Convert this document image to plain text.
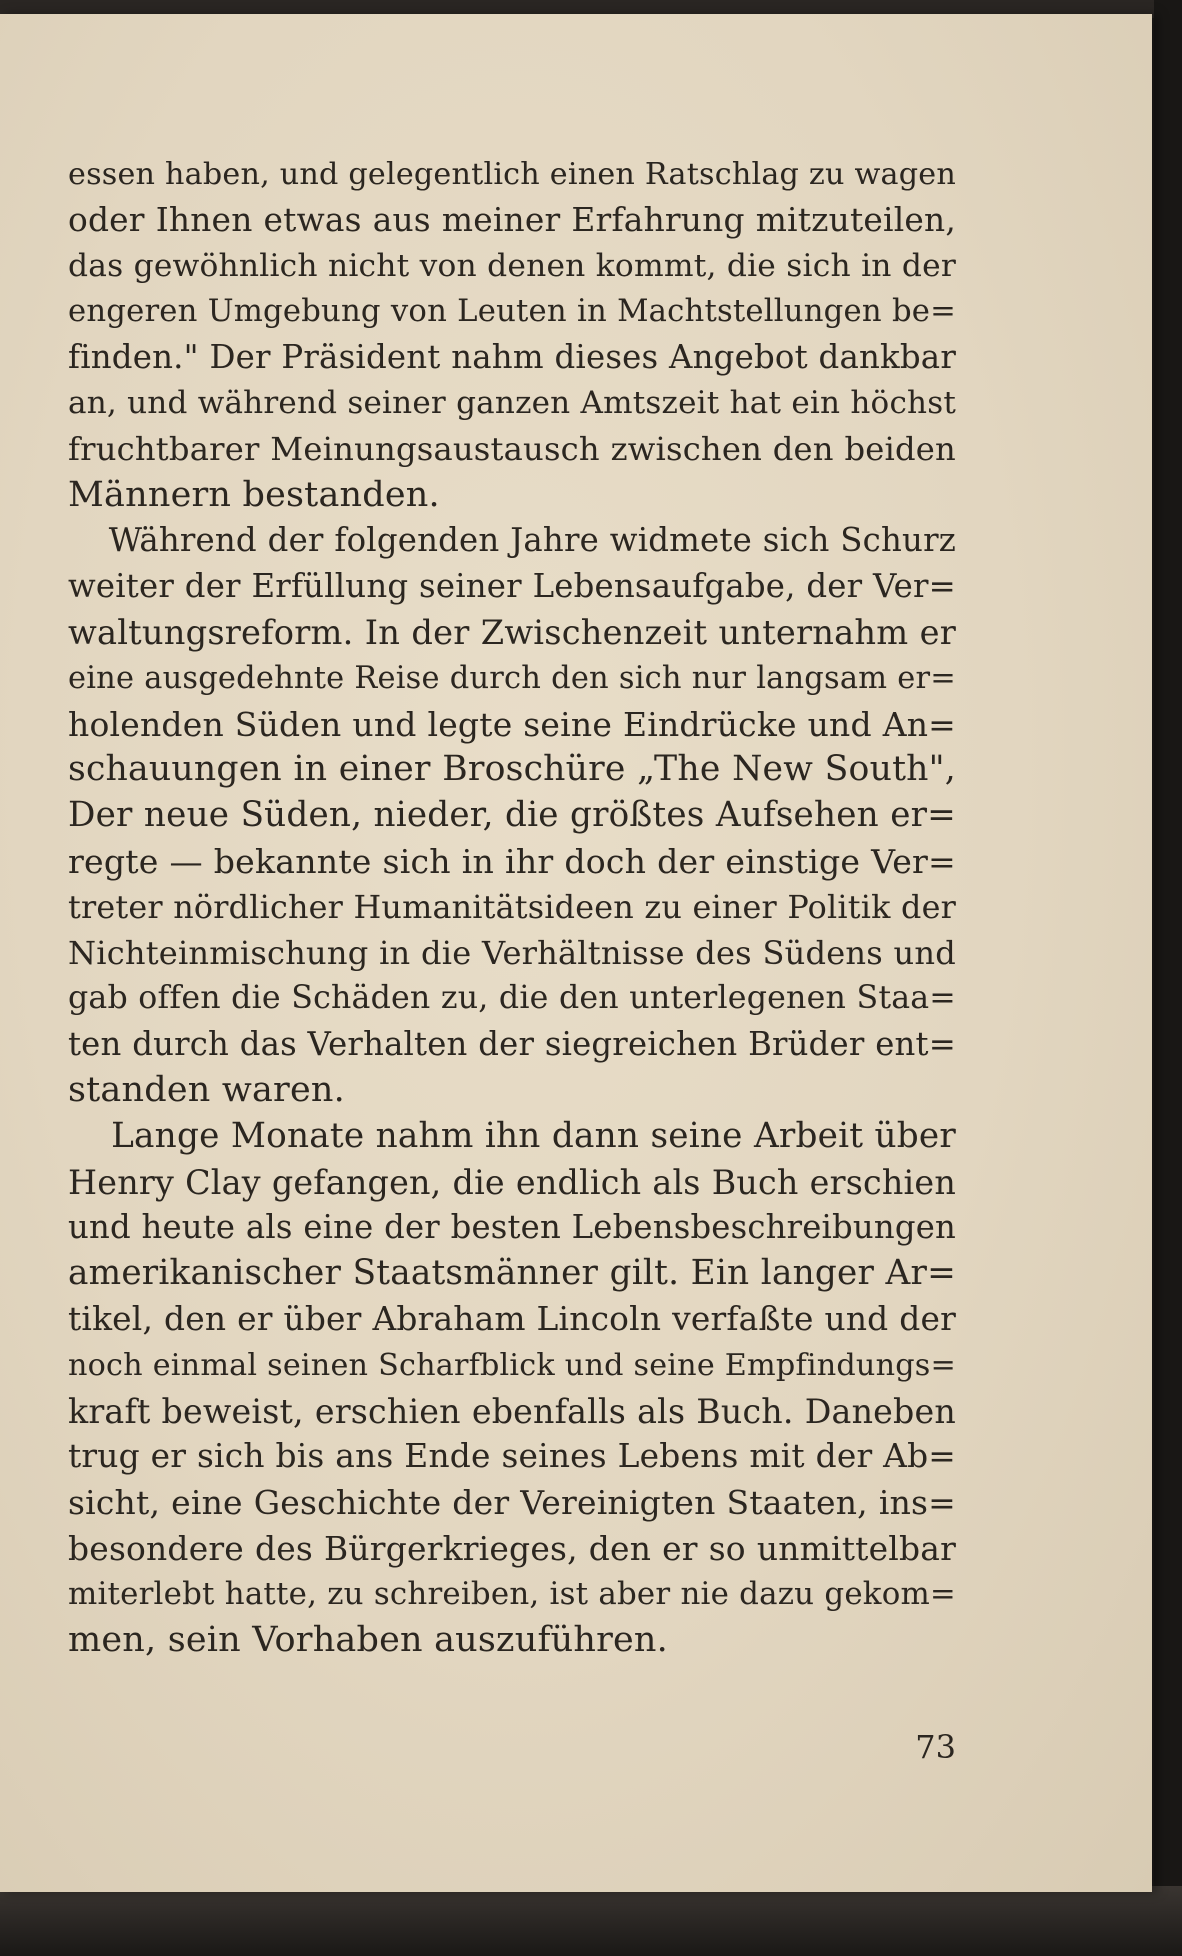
essen haben, und gelegentlich einen Ratschlag zu wagen
oder Ihnen etwas aus meiner Erfahrung mitzuteilen,
das gewöhnlich nicht von denen kommt, die sich in der
engeren Umgebung von Leuten in Machtstellungen be=
finden." Der Präsident nahm dieses Angebot dankbar
an, und während seiner ganzen Amtszeit hat ein höchst
fruchtbarer Meinungsaustausch zwischen den beiden
Männern bestanden.
Während der folgenden Jahre widmete sich Schurz
weiter der Erfüllung seiner Lebensaufgabe, der Ver=
waltungsreform. In der Zwischenzeit unternahm er
eine ausgedehnte Reise durch den sich nur langsam er=
holenden Süden und legte seine Eindrücke und An=
schauungen in einer Broschüre „The New South",
Der neue Süden, nieder, die größtes Aufsehen er=
regte — bekannte sich in ihr doch der einstige Ver=
treter nördlicher Humanitätsideen zu einer Politik der
Nichteinmischung in die Verhältnisse des Südens und
gab offen die Schäden zu, die den unterlegenen Staa=
ten durch das Verhalten der siegreichen Brüder ent=
standen waren.
Lange Monate nahm ihn dann seine Arbeit über
Henry Clay gefangen, die endlich als Buch erschien
und heute als eine der besten Lebensbeschreibungen
amerikanischer Staatsmänner gilt. Ein langer Ar=
tikel, den er über Abraham Lincoln verfaßte und der
noch einmal seinen Scharfblick und seine Empfindungs=
kraft beweist, erschien ebenfalls als Buch. Daneben
trug er sich bis ans Ende seines Lebens mit der Ab=
sicht, eine Geschichte der Vereinigten Staaten, ins=
besondere des Bürgerkrieges, den er so unmittelbar
miterlebt hatte, zu schreiben, ist aber nie dazu gekom=
men, sein Vorhaben auszuführen.
73
